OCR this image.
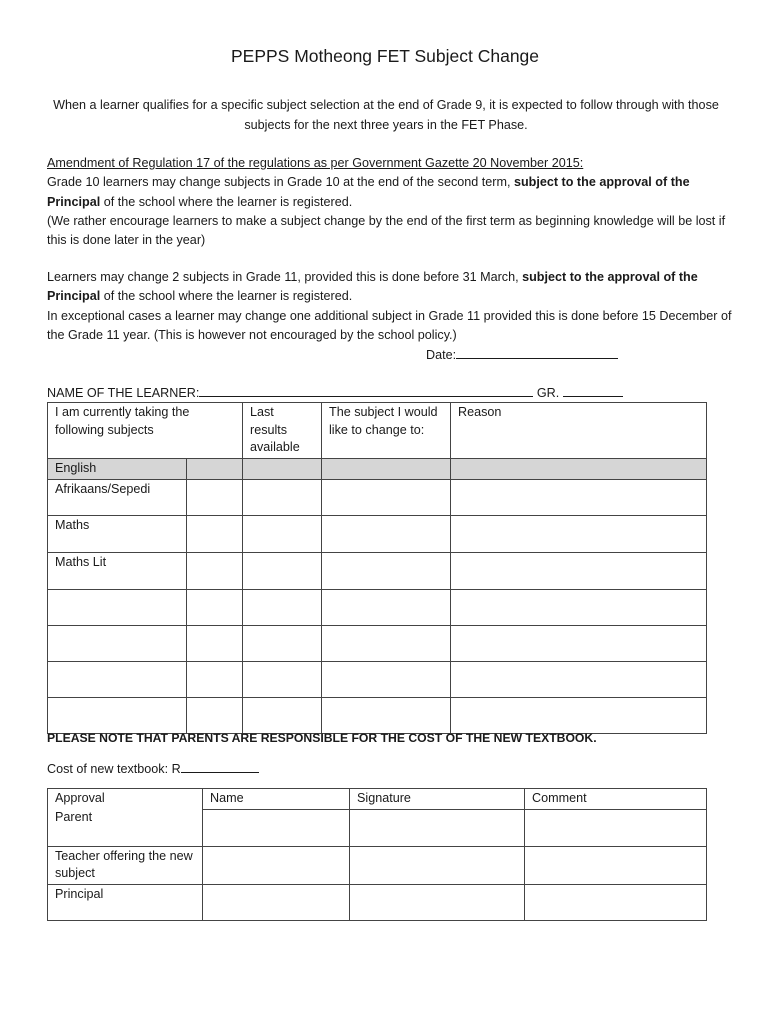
PEPPS Motheong FET Subject Change
When a learner qualifies for a specific subject selection at the end of Grade 9, it is expected to follow through with those subjects for the next three years in the FET Phase.
Amendment of Regulation 17 of the regulations as per Government Gazette 20 November 2015:
Grade 10 learners may change subjects in Grade 10 at the end of the second term, subject to the approval of the Principal of the school where the learner is registered.
(We rather encourage learners to make a subject change by the end of the first term as beginning knowledge will be lost if this is done later in the year)
Learners may change 2 subjects in Grade 11, provided this is done before 31 March, subject to the approval of the Principal of the school where the learner is registered.
In exceptional cases a learner may change one additional subject in Grade 11 provided this is done before 15 December of the Grade 11 year. (This is however not encouraged by the school policy.)
Date:
NAME OF THE LEARNER:	GR.
I am currently taking the following subjects		Last results available	The subject I would like to change to:	Reason
English				
Afrikaans/Sepedi				
Maths				
Maths Lit				

PLEASE NOTE THAT PARENTS ARE RESPONSIBLE FOR THE COST OF THE NEW TEXTBOOK.
Cost of new textbook: R
Approval	Name	Signature	Comment
Parent			
Teacher offering the new subject			
Principal			
